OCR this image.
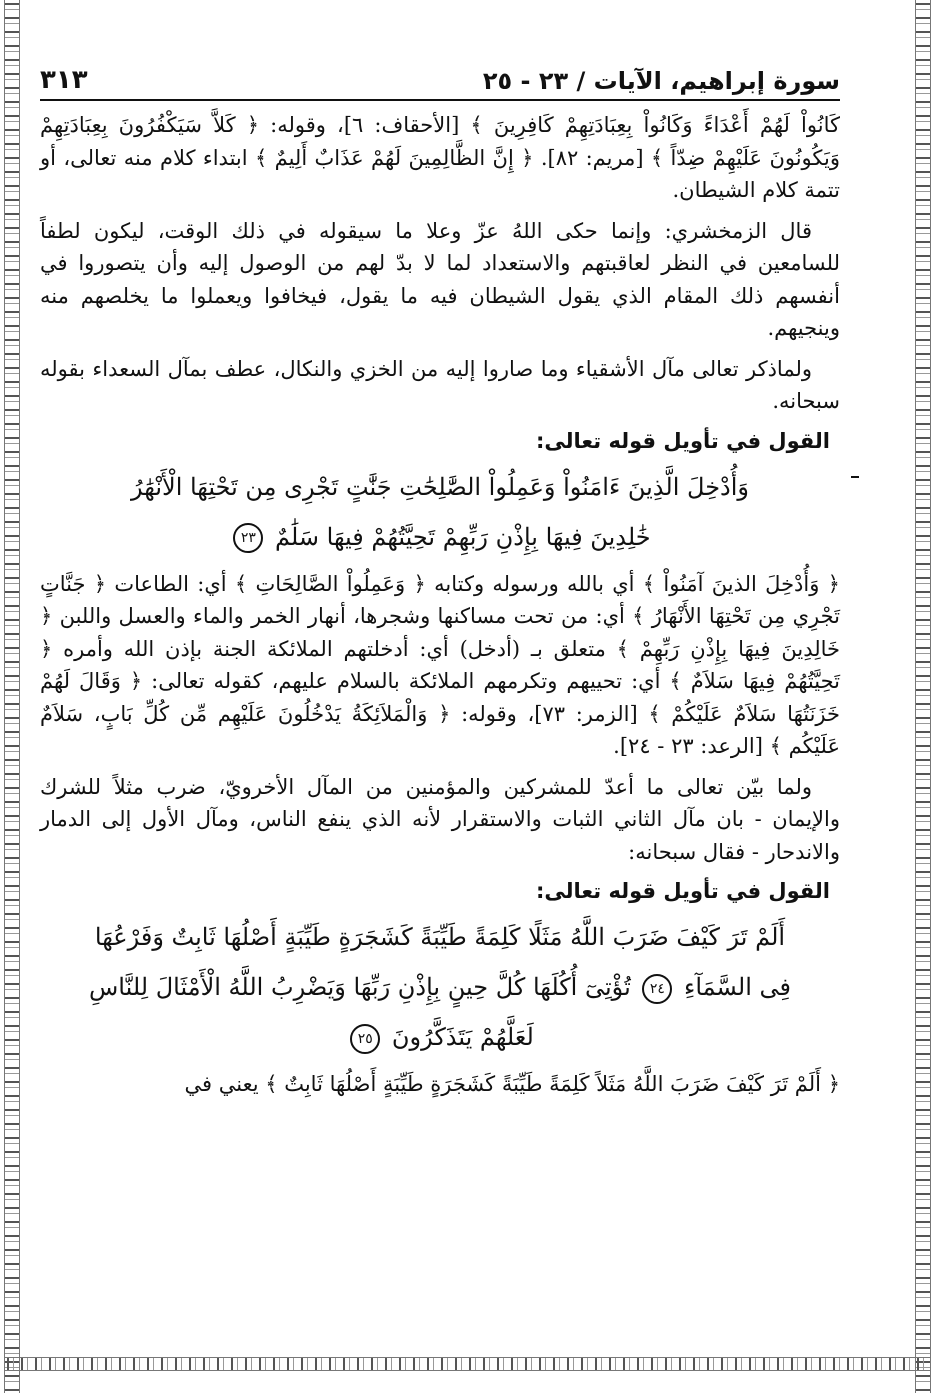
سورة إبراهيم، الآيات / ٢٣ - ٢٥
٣١٣

كَانُواْ لَهُمْ أَعْدَاءً وَكَانُواْ بِعِبَادَتِهِمْ كَافِرِينَ ﴾ [الأحقاف: ٦]، وقوله: ﴿ كَلاَّ سَيَكْفُرُونَ بِعِبَادَتِهِمْ وَيَكُونُونَ عَلَيْهِمْ ضِدّاً ﴾ [مريم: ٨٢]. ﴿ إِنَّ الظَّالِمِينَ لَهُمْ عَذَابٌ أَلِيمٌ ﴾ ابتداء كلام منه تعالى، أو تتمة كلام الشيطان.

قال الزمخشري: وإنما حكى اللهُ عزّ وعلا ما سيقوله في ذلك الوقت، ليكون لطفاً للسامعين في النظر لعاقبتهم والاستعداد لما لا بدّ لهم من الوصول إليه وأن يتصوروا في أنفسهم ذلك المقام الذي يقول الشيطان فيه ما يقول، فيخافوا ويعملوا ما يخلصهم منه وينجيهم.

ولماذكر تعالى مآل الأشقياء وما صاروا إليه من الخزي والنكال، عطف بمآل السعداء بقوله سبحانه.

القول في تأويل قوله تعالى:
وَأُدْخِلَ الَّذِينَ ءَامَنُواْ وَعَمِلُواْ الصَّٰلِحَٰتِ جَنَّٰتٍ تَجْرِى مِن تَحْتِهَا الْأَنْهَٰرُ
خَٰلِدِينَ فِيهَا بِإِذْنِ رَبِّهِمْ تَحِيَّتُهُمْ فِيهَا سَلَٰمٌ ٢٣

﴿ وَأُدْخِلَ الذينَ آمَنُواْ ﴾ أي بالله ورسوله وكتابه ﴿ وَعَمِلُواْ الصَّالِحَاتِ ﴾ أي: الطاعات ﴿ جَنَّاتٍ تَجْرِي مِن تَحْتِهَا الأَنْهَارُ ﴾ أي: من تحت مساكنها وشجرها، أنهار الخمر والماء والعسل واللبن ﴿ خَالِدِينَ فِيهَا بِإِذْنِ رَبِّهِمْ ﴾ متعلق بـ (أدخل) أي: أدخلتهم الملائكة الجنة بإذن الله وأمره ﴿ تَحِيَّتُهُمْ فِيهَا سَلاَمٌ ﴾ أي: تحييهم وتكرمهم الملائكة بالسلام عليهم، كقوله تعالى: ﴿ وَقَالَ لَهُمْ خَزَنَتُهَا سَلاَمٌ عَلَيْكُمْ ﴾ [الزمر: ٧٣]، وقوله: ﴿ وَالْمَلاَئِكَةُ يَدْخُلُونَ عَلَيْهِم مِّن كُلِّ بَابٍ، سَلاَمٌ عَلَيْكُم ﴾ [الرعد: ٢٣ - ٢٤].

ولما بيّن تعالى ما أعدّ للمشركين والمؤمنين من المآل الأخرويّ، ضرب مثلاً للشرك والإيمان - بان مآل الثاني الثبات والاستقرار لأنه الذي ينفع الناس، ومآل الأول إلى الدمار والاندحار - فقال سبحانه:

القول في تأويل قوله تعالى:
أَلَمْ تَرَ كَيْفَ ضَرَبَ اللَّهُ مَثَلًا كَلِمَةً طَيِّبَةً كَشَجَرَةٍ طَيِّبَةٍ أَصْلُهَا ثَابِتٌ وَفَرْعُهَا
فِى السَّمَآءِ ٢٤ تُؤْتِىٓ أُكُلَهَا كُلَّ حِينٍ بِإِذْنِ رَبِّهَا وَيَضْرِبُ اللَّهُ الْأَمْثَالَ لِلنَّاسِ
لَعَلَّهُمْ يَتَذَكَّرُونَ ٢٥

﴿ أَلَمْ تَرَ كَيْفَ ضَرَبَ اللَّهُ مَثَلاً كَلِمَةً طَيِّبَةً كَشَجَرَةٍ طَيِّبَةٍ أَصْلُهَا ثَابِتٌ ﴾ يعني في
